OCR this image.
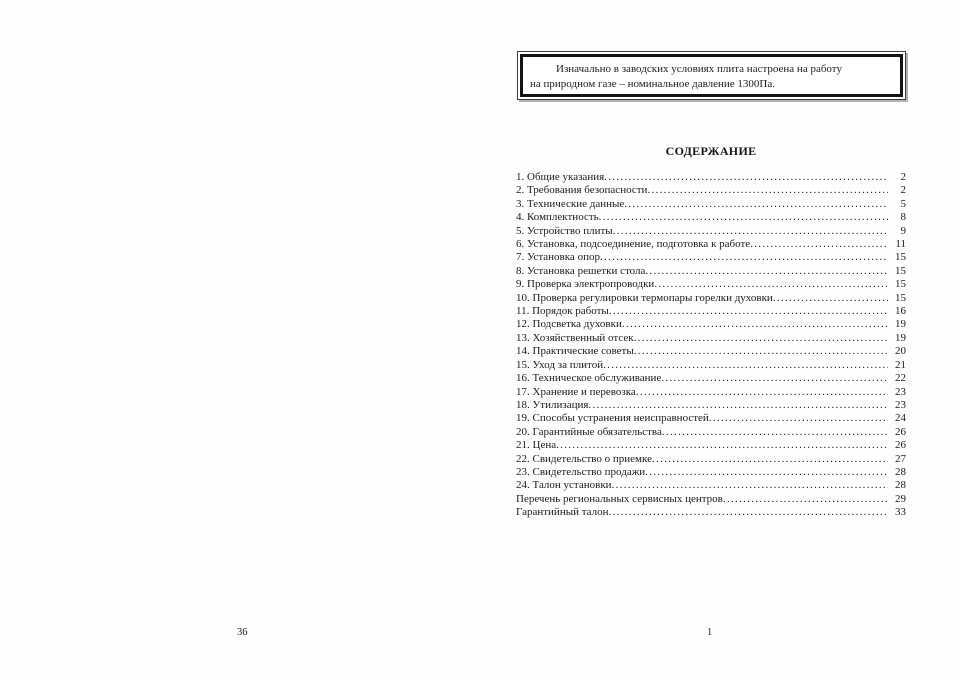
Изначально в заводских условиях плита настроена на работу
на природном газе – номинальное давление 1300Па.
СОДЕРЖАНИЕ
1. Общие указания .....	2
2. Требования безопасности .....	2
3. Технические данные .....	5
4. Комплектность .....	8
5. Устройство плиты .....	9
6. Установка, подсоединение, подготовка к работе .....	11
7. Установка опор .....	15
8. Установка решетки стола .....	15
9. Проверка электропроводки .....	15
10. Проверка регулировки термопары горелки духовки .....	15
11. Порядок работы .....	16
12. Подсветка духовки .....	19
13. Хозяйственный отсек .....	19
14. Практические советы .....	20
15. Уход за плитой .....	21
16. Техническое обслуживание .....	22
17. Хранение и перевозка .....	23
18. Утилизация .....	23
19. Способы устранения неисправностей .....	24
20. Гарантийные обязательства .....	26
21. Цена .....	26
22. Свидетельство о приемке .....	27
23. Свидетельство продажи .....	28
24. Талон установки .....	28
Перечень региональных сервисных центров .....	29
Гарантийный талон .....	33
36	1
